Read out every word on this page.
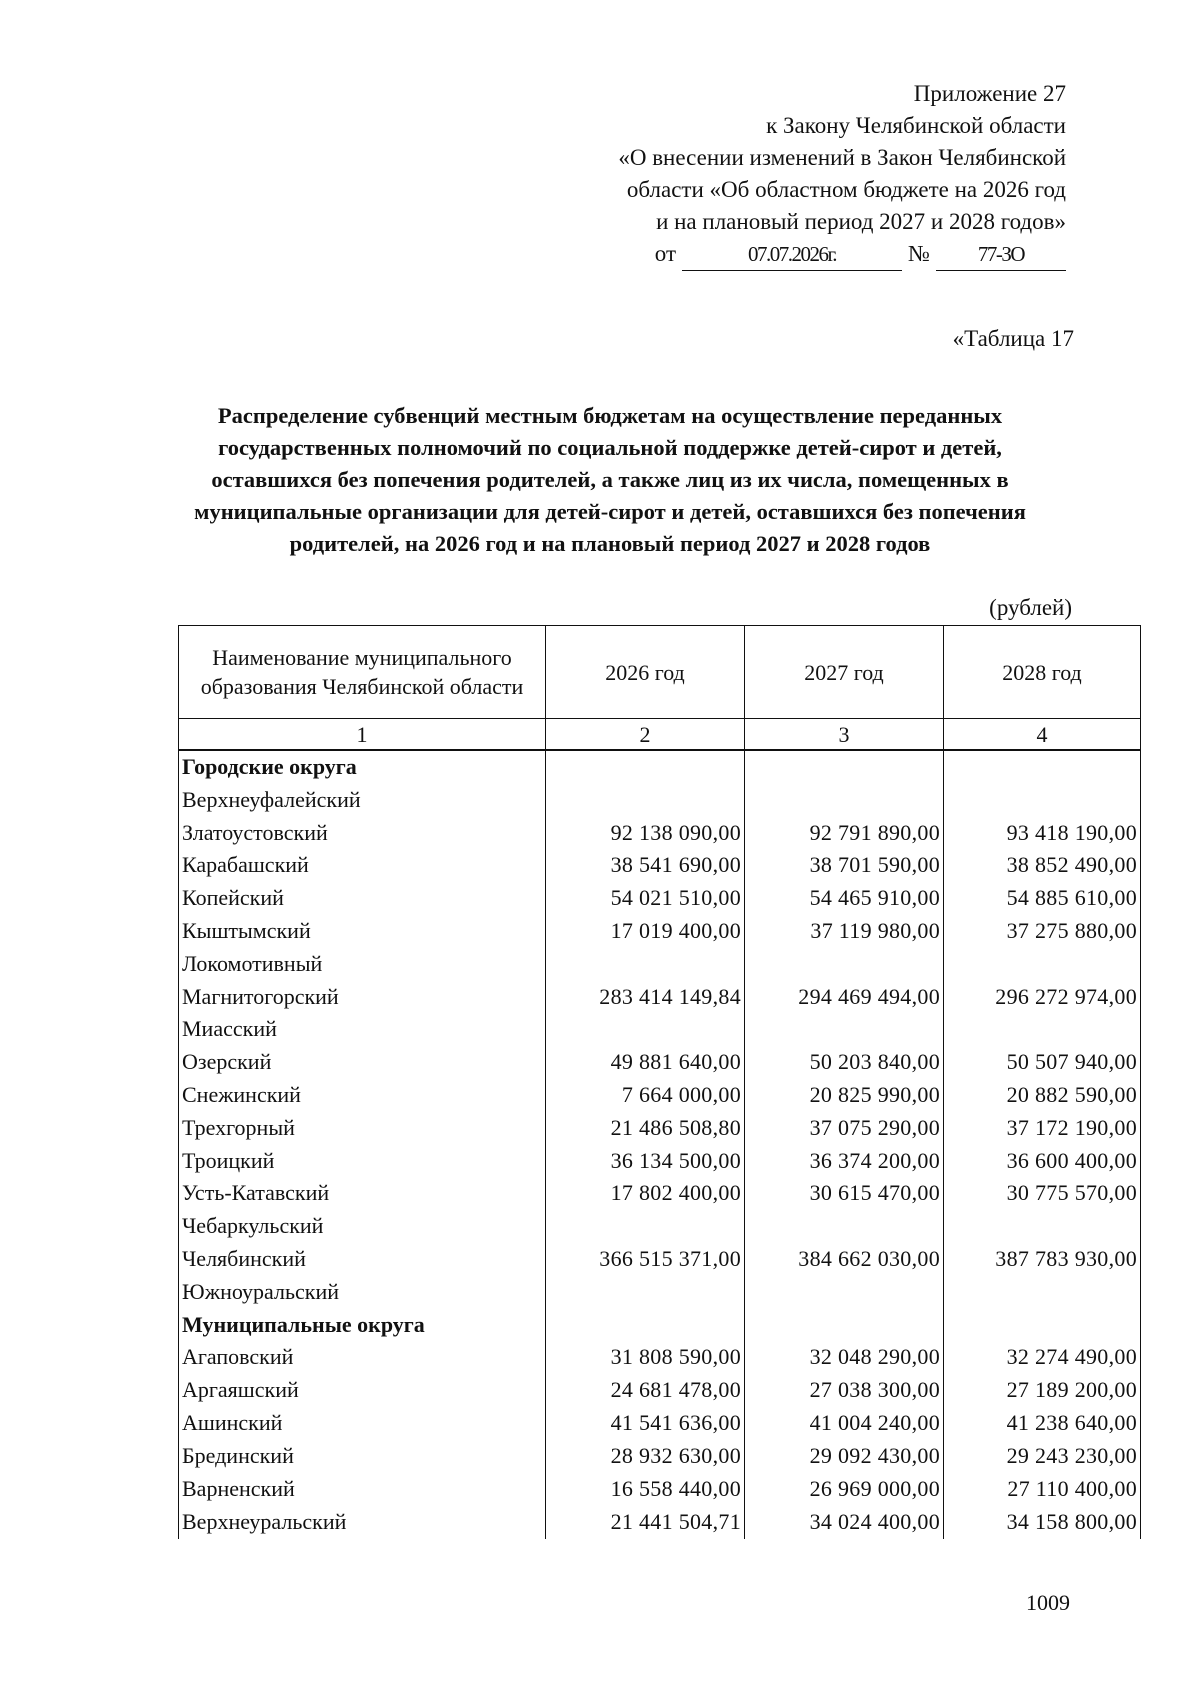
Приложение 27
к Закону Челябинской области
«О внесении изменений в Закон Челябинской
области «Об областном бюджете на 2026 год
и на плановый период 2027 и 2028 годов»
от	07.07.2026г.	№	77-ЗО
«Таблица 17
Распределение субвенций местным бюджетам на осуществление переданных
государственных полномочий по социальной поддержке детей-сирот и детей,
оставшихся без попечения родителей, а также лиц из их числа, помещенных в
муниципальные организации для детей-сирот и детей, оставшихся без попечения
родителей, на 2026 год и на плановый период 2027 и 2028 годов
(рублей)
Наименование муниципального образования Челябинской области	2026 год	2027 год	2028 год
1	2	3	4
Городские округа			
Верхнеуфалейский			
Златоустовский	92 138 090,00	92 791 890,00	93 418 190,00
Карабашский	38 541 690,00	38 701 590,00	38 852 490,00
Копейский	54 021 510,00	54 465 910,00	54 885 610,00
Кыштымский	17 019 400,00	37 119 980,00	37 275 880,00
Локомотивный			
Магнитогорский	283 414 149,84	294 469 494,00	296 272 974,00
Миасский			
Озерский	49 881 640,00	50 203 840,00	50 507 940,00
Снежинский	7 664 000,00	20 825 990,00	20 882 590,00
Трехгорный	21 486 508,80	37 075 290,00	37 172 190,00
Троицкий	36 134 500,00	36 374 200,00	36 600 400,00
Усть-Катавский	17 802 400,00	30 615 470,00	30 775 570,00
Чебаркульский			
Челябинский	366 515 371,00	384 662 030,00	387 783 930,00
Южноуральский			
Муниципальные округа			
Агаповский	31 808 590,00	32 048 290,00	32 274 490,00
Аргаяшский	24 681 478,00	27 038 300,00	27 189 200,00
Ашинский	41 541 636,00	41 004 240,00	41 238 640,00
Брединский	28 932 630,00	29 092 430,00	29 243 230,00
Варненский	16 558 440,00	26 969 000,00	27 110 400,00
Верхнеуральский	21 441 504,71	34 024 400,00	34 158 800,00
1009
